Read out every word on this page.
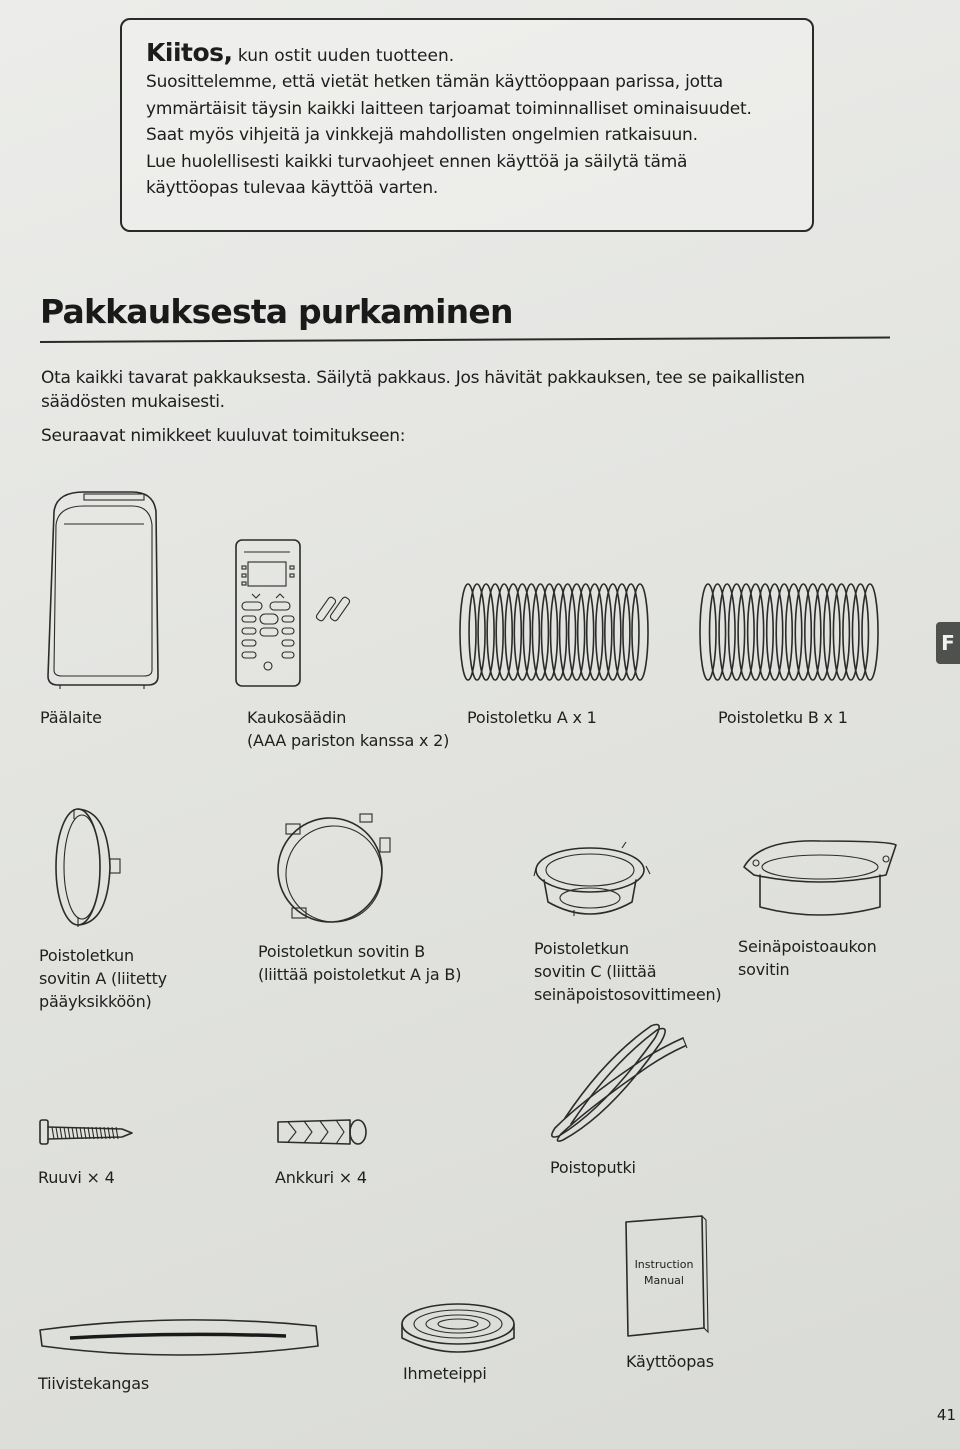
Kiitos, kun ostit uuden tuotteen.

Suosittelemme, että vietät hetken tämän käyttöoppaan parissa, jotta

ymmärtäisit täysin kaikki laitteen tarjoamat toiminnalliset ominaisuudet.

Saat myös vihjeitä ja vinkkejä mahdollisten ongelmien ratkaisuun.

Lue huolellisesti kaikki turvaohjeet ennen käyttöä ja säilytä tämä

käyttöopas tulevaa käyttöä varten.

Pakkauksesta purkaminen

Ota kaikki tavarat pakkauksesta. Säilytä pakkaus. Jos hävität pakkauksen, tee se paikallisten
säädösten mukaisesti.

Seuraavat nimikkeet kuuluvat toimitukseen:

Päälaite	Kaukosäädin
(AAA pariston kanssa x 2)

Poistoletku A x 1	Poistoletku B x 1

Poistoletkun
sovitin A (liitetty
pääyksikköön)

Poistoletkun sovitin B
(liittää poistoletkut A ja B)

Poistoletkun
sovitin C (liittää
seinäpoistosovittimeen)

Seinäpoistoaukon
sovitin

Ruuvi × 4	Ankkuri × 4

Poistoputki

Tiivistekangas

Ihmeteippi

Instruction
Manual

Käyttöopas

F
41
